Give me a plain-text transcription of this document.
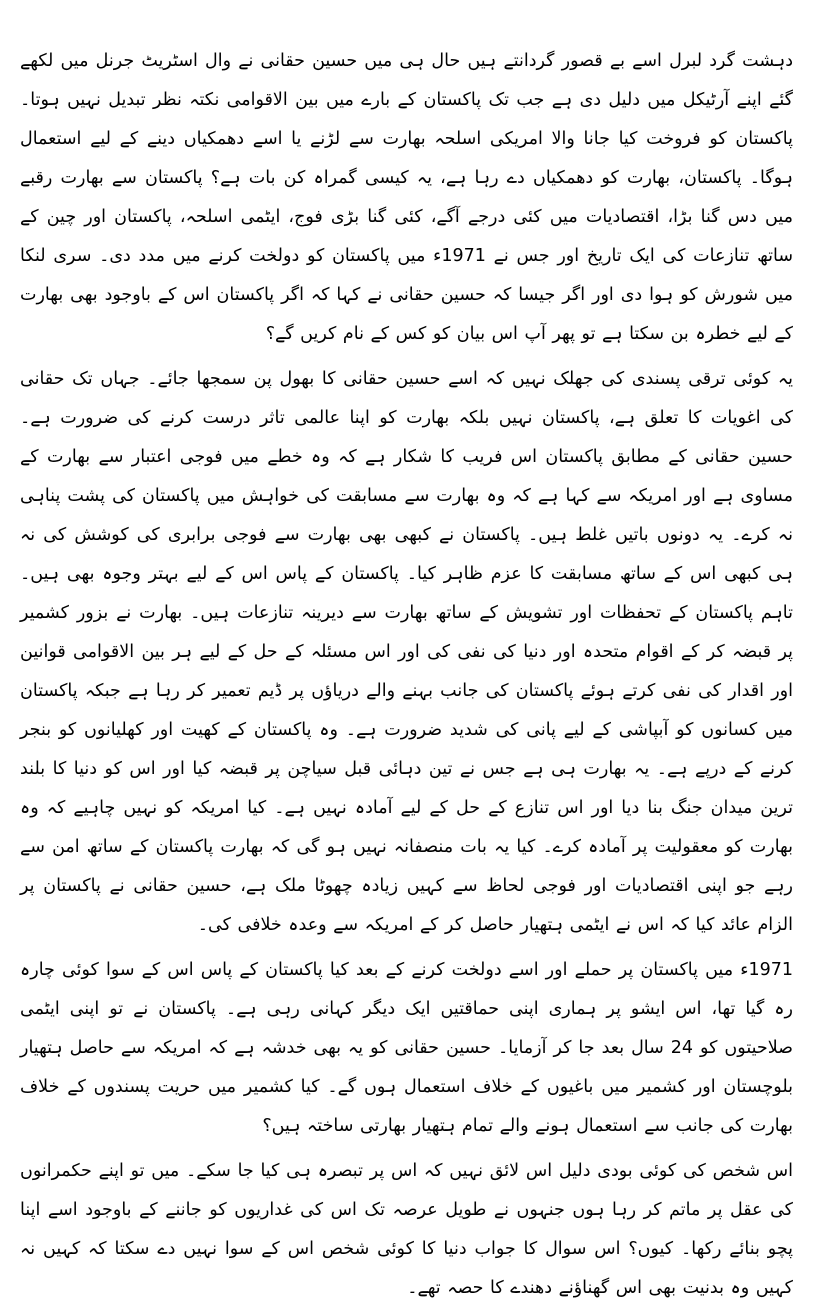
دہشت گرد لبرل اسے بے قصور گردانتے ہیں حال ہی میں حسین حقانی نے وال اسٹریٹ جرنل میں لکھے گئے اپنے آرٹیکل میں دلیل دی ہے جب تک پاکستان کے بارے میں بین الاقوامی نکتہ نظر تبدیل نہیں ہوتا۔ پاکستان کو فروخت کیا جانا والا امریکی اسلحہ بھارت سے لڑنے یا اسے دھمکیاں دینے کے لیے استعمال ہوگا۔ پاکستان، بھارت کو دھمکیاں دے رہا ہے، یہ کیسی گمراہ کن بات ہے؟ پاکستان سے بھارت رقبے میں دس گنا بڑا، اقتصادیات میں کئی درجے آگے، کئی گنا بڑی فوج، ایٹمی اسلحہ، پاکستان اور چین کے ساتھ تنازعات کی ایک تاریخ اور جس نے 1971ء میں پاکستان کو دولخت کرنے میں مدد دی۔ سری لنکا میں شورش کو ہوا دی اور اگر جیسا کہ حسین حقانی نے کہا کہ اگر پاکستان اس کے باوجود بھی بھارت کے لیے خطرہ بن سکتا ہے تو پھر آپ اس بیان کو کس کے نام کریں گے؟

یہ کوئی ترقی پسندی کی جھلک نہیں کہ اسے حسین حقانی کا بھول پن سمجھا جائے۔ جہاں تک حقانی کی اغویات کا تعلق ہے، پاکستان نہیں بلکہ بھارت کو اپنا عالمی تاثر درست کرنے کی ضرورت ہے۔ حسین حقانی کے مطابق پاکستان اس فریب کا شکار ہے کہ وہ خطے میں فوجی اعتبار سے بھارت کے مساوی ہے اور امریکہ سے کہا ہے کہ وہ بھارت سے مسابقت کی خواہش میں پاکستان کی پشت پناہی نہ کرے۔ یہ دونوں باتیں غلط ہیں۔ پاکستان نے کبھی بھی بھارت سے فوجی برابری کی کوشش کی نہ ہی کبھی اس کے ساتھ مسابقت کا عزم ظاہر کیا۔ پاکستان کے پاس اس کے لیے بہتر وجوہ بھی ہیں۔ تاہم پاکستان کے تحفظات اور تشویش کے ساتھ بھارت سے دیرینہ تنازعات ہیں۔ بھارت نے بزور کشمیر پر قبضہ کر کے اقوام متحدہ اور دنیا کی نفی کی اور اس مسئلہ کے حل کے لیے ہر بین الاقوامی قوانین اور اقدار کی نفی کرتے ہوئے پاکستان کی جانب بہنے والے دریاؤں پر ڈیم تعمیر کر رہا ہے جبکہ پاکستان میں کسانوں کو آبپاشی کے لیے پانی کی شدید ضرورت ہے۔ وہ پاکستان کے کھیت اور کھلیانوں کو بنجر کرنے کے درپے ہے۔ یہ بھارت ہی ہے جس نے تین دہائی قبل سیاچن پر قبضہ کیا اور اس کو دنیا کا بلند ترین میدان جنگ بنا دیا اور اس تنازع کے حل کے لیے آمادہ نہیں ہے۔ کیا امریکہ کو نہیں چاہیے کہ وہ بھارت کو معقولیت پر آمادہ کرے۔ کیا یہ بات منصفانہ نہیں ہو گی کہ بھارت پاکستان کے ساتھ امن سے رہے جو اپنی اقتصادیات اور فوجی لحاظ سے کہیں زیادہ چھوٹا ملک ہے، حسین حقانی نے پاکستان پر الزام عائد کیا کہ اس نے ایٹمی ہتھیار حاصل کر کے امریکہ سے وعدہ خلافی کی۔

1971ء میں پاکستان پر حملے اور اسے دولخت کرنے کے بعد کیا پاکستان کے پاس اس کے سوا کوئی چارہ رہ گیا تھا، اس ایشو پر ہماری اپنی حماقتیں ایک دیگر کہانی رہی ہے۔ پاکستان نے تو اپنی ایٹمی صلاحیتوں کو 24 سال بعد جا کر آزمایا۔ حسین حقانی کو یہ بھی خدشہ ہے کہ امریکہ سے حاصل ہتھیار بلوچستان اور کشمیر میں باغیوں کے خلاف استعمال ہوں گے۔ کیا کشمیر میں حریت پسندوں کے خلاف بھارت کی جانب سے استعمال ہونے والے تمام ہتھیار بھارتی ساختہ ہیں؟

اس شخص کی کوئی بودی دلیل اس لائق نہیں کہ اس پر تبصرہ ہی کیا جا سکے۔ میں تو اپنے حکمرانوں کی عقل پر ماتم کر رہا ہوں جنہوں نے طویل عرصہ تک اس کی غداریوں کو جاننے کے باوجود اسے اپنا پچو بنائے رکھا۔ کیوں؟ اس سوال کا جواب دنیا کا کوئی شخص اس کے سوا نہیں دے سکتا کہ کہیں نہ کہیں وہ بدنیت بھی اس گھناؤنے دھندے کا حصہ تھے۔
